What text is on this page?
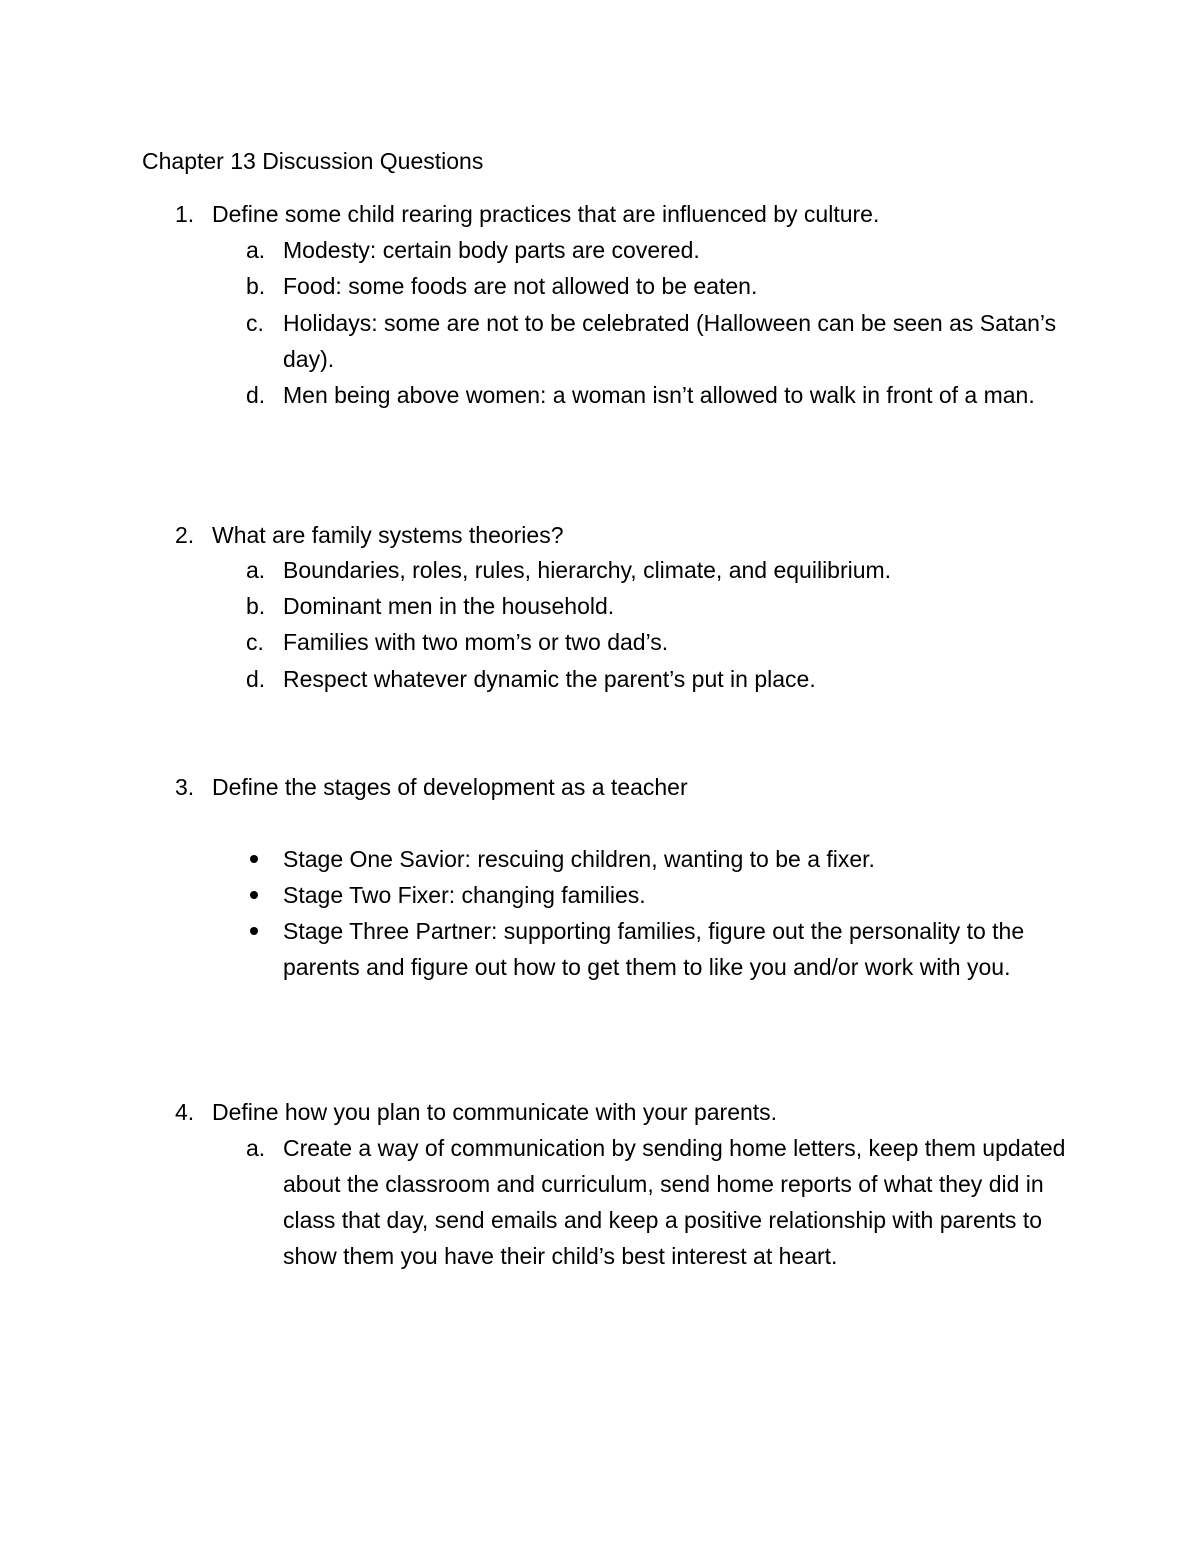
Chapter 13 Discussion Questions
1. Define some child rearing practices that are influenced by culture.
a. Modesty: certain body parts are covered.
b. Food: some foods are not allowed to be eaten.
c. Holidays: some are not to be celebrated (Halloween can be seen as Satan’s day).
d. Men being above women: a woman isn’t allowed to walk in front of a man.
2. What are family systems theories?
a. Boundaries, roles, rules, hierarchy, climate, and equilibrium.
b. Dominant men in the household.
c. Families with two mom’s or two dad’s.
d. Respect whatever dynamic the parent’s put in place.
3. Define the stages of development as a teacher
Stage One Savior: rescuing children, wanting to be a fixer.
Stage Two Fixer: changing families.
Stage Three Partner: supporting families, figure out the personality to the parents and figure out how to get them to like you and/or work with you.
4. Define how you plan to communicate with your parents.
a. Create a way of communication by sending home letters, keep them updated about the classroom and curriculum, send home reports of what they did in class that day, send emails and keep a positive relationship with parents to show them you have their child’s best interest at heart.
